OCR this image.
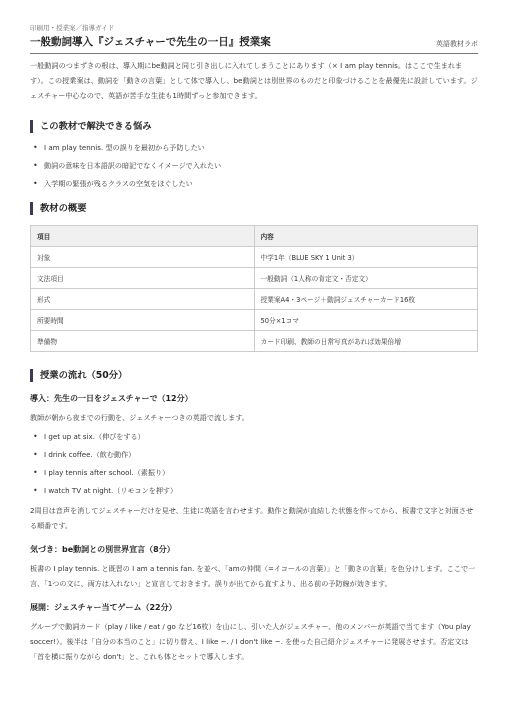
印刷用・授業案／指導ガイド
一般動詞導入『ジェスチャーで先生の一日』授業案	英語教材ラボ
一般動詞のつまずきの根は、導入期にbe動詞と同じ引き出しに入れてしまうことにあります（× I am play tennis。はここで生まれます）。この授業案は、動詞を「動きの言葉」として体で導入し、be動詞とは別世界のものだと印象づけることを最優先に設計しています。ジェスチャー中心なので、英語が苦手な生徒も1時間ずっと参加できます。
この教材で解決できる悩み
• I am play tennis. 型の誤りを最初から予防したい
• 動詞の意味を日本語訳の暗記でなくイメージで入れたい
• 入学期の緊張が残るクラスの空気をほぐしたい
教材の概要
項目	内容
対象	中学1年（BLUE SKY 1 Unit 3）
文法項目	一般動詞（1人称の肯定文・否定文）
形式	授業案A4・3ページ＋動詞ジェスチャーカード16枚
所要時間	50分×1コマ
準備物	カード印刷、教師の日常写真があれば効果倍増
授業の流れ（50分）
導入：先生の一日をジェスチャーで（12分）

教師が朝から夜までの行動を、ジェスチャーつきの英語で流します。

• I get up at six.（伸びをする）
• I drink coffee.（飲む動作）
• I play tennis after school.（素振り）
• I watch TV at night.（リモコンを押す）

2周目は音声を消してジェスチャーだけを見せ、生徒に英語を言わせます。動作と動詞が直結した状態を作ってから、板書で文字と対面させる順番です。

気づき：be動詞との別世界宣言（8分）

板書の I play tennis. と既習の I am a tennis fan. を並べ、「amの仲間（=イコールの言葉）」と「動きの言葉」を色分けします。ここで一言、「1つの文に、両方は入れない」と宣言しておきます。誤りが出てから直すより、出る前の予防線が効きます。

展開：ジェスチャー当てゲーム（22分）

グループで動詞カード（play / like / eat / go など16枚）を山にし、引いた人がジェスチャー、他のメンバーが英語で当てます（You play soccer!）。後半は「自分の本当のこと」に切り替え、I like ~. / I don't like ~. を使った自己紹介ジェスチャーに発展させます。否定文は「首を横に振りながら don't」と、これも体とセットで導入します。
